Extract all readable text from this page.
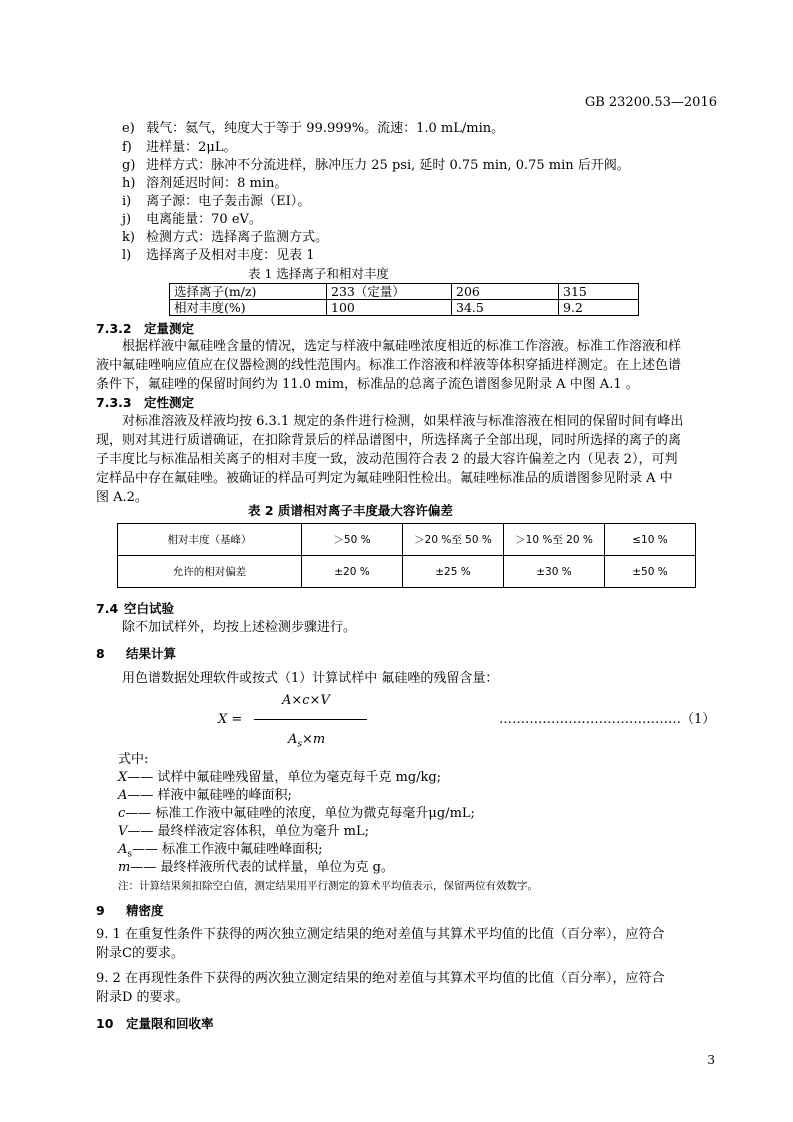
GB 23200.53—2016
e) 载气：氦气，纯度大于等于 99.999%。流速：1.0 mL/min。
f) 进样量：2μL。
g) 进样方式：脉冲不分流进样，脉冲压力 25 psi, 延时 0.75 min, 0.75 min 后开阀。
h) 溶剂延迟时间：8 min。
i) 离子源：电子轰击源（EI）。
j) 电离能量：70 eV。
k) 检测方式：选择离子监测方式。
l) 选择离子及相对丰度：见表 1
表 1 选择离子和相对丰度
选择离子(m/z)	233（定量）	206	315
相对丰度(%)	100	34.5	9.2
7.3.2 定量测定
根据样液中氟硅唑含量的情况，选定与样液中氟硅唑浓度相近的标准工作溶液。标准工作溶液和样
液中氟硅唑响应值应在仪器检测的线性范围内。标准工作溶液和样液等体积穿插进样测定。在上述色谱
条件下，氟硅唑的保留时间约为 11.0 mim，标准品的总离子流色谱图参见附录 A 中图 A.1 。
7.3.3 定性测定
对标准溶液及样液均按 6.3.1 规定的条件进行检测，如果样液与标准溶液在相同的保留时间有峰出
现，则对其进行质谱确证，在扣除背景后的样品谱图中，所选择离子全部出现，同时所选择的离子的离
子丰度比与标准品相关离子的相对丰度一致，波动范围符合表 2 的最大容许偏差之内（见表 2），可判
定样品中存在氟硅唑。被确证的样品可判定为氟硅唑阳性检出。氟硅唑标准品的质谱图参见附录 A 中
图 A.2。
表 2 质谱相对离子丰度最大容许偏差
相对丰度（基峰）	＞50 %	＞20 %至 50 %	＞10 %至 20 %	≤10 %
允许的相对偏差	±20 %	±25 %	±30 %	±50 %
7.4 空白试验
除不加试样外，均按上述检测步骤进行。
8 结果计算
用色谱数据处理软件或按式（1）计算试样中 氟硅唑的残留含量：
A×c×V
X =
$A_s\times m$
……………………………………（1）
式中:
X—— 试样中氟硅唑残留量，单位为毫克每千克 mg/kg;
A—— 样液中氟硅唑的峰面积;
c—— 标准工作液中氟硅唑的浓度，单位为微克每毫升μg/mL;
V—— 最终样液定容体积，单位为毫升 mL;
$A_s——$ 标准工作液中氟硅唑峰面积;
m—— 最终样液所代表的试样量，单位为克 g。
注：计算结果须扣除空白值，测定结果用平行测定的算术平均值表示，保留两位有效数字。
9 精密度
9. 1 在重复性条件下获得的两次独立测定结果的绝对差值与其算术平均值的比值（百分率），应符合
附录C的要求。
9. 2 在再现性条件下获得的两次独立测定结果的绝对差值与其算术平均值的比值（百分率），应符合
附录D 的要求。
10 定量限和回收率
3
